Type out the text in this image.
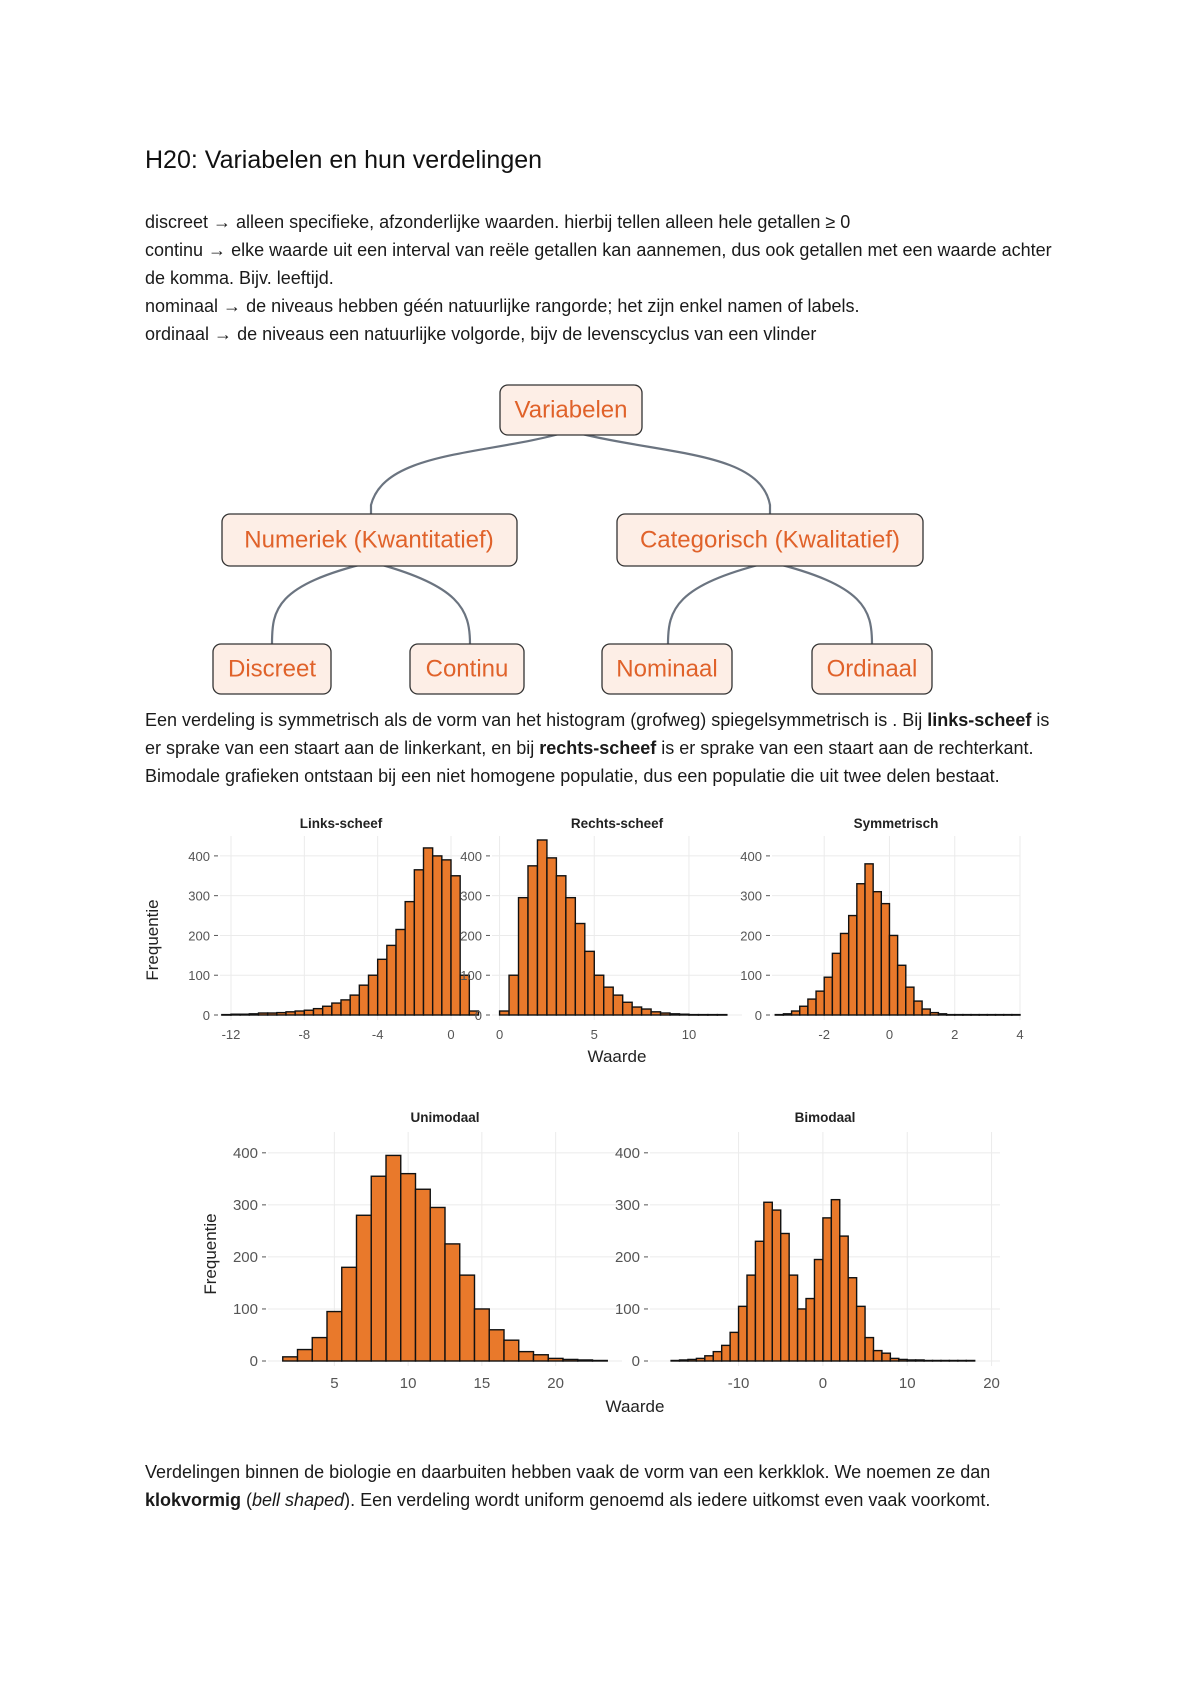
H20: Variabelen en hun verdelingen
discreet → alleen specifieke, afzonderlijke waarden. hierbij tellen alleen hele getallen ≥ 0
continu → elke waarde uit een interval van reële getallen kan aannemen, dus ook getallen met een waarde achter de komma. Bijv. leeftijd.
nominaal → de niveaus hebben géén natuurlijke rangorde; het zijn enkel namen of labels.
ordinaal → de niveaus een natuurlijke volgorde, bijv de levenscyclus van een vlinder
Variabelen
Numeriek (Kwantitatief)	Categorisch (Kwalitatief)
Discreet	Continu	Nominaal	Ordinaal
Een verdeling is symmetrisch als de vorm van het histogram (grofweg) spiegelsymmetrisch is . Bij links-scheef is er sprake van een staart aan de linkerkant, en bij rechts-scheef is er sprake van een staart aan de rechterkant. Bimodale grafieken ontstaan bij een niet homogene populatie, dus een populatie die uit twee delen bestaat.
0
100
200
300
400
-12	-8	-4	0
Links-scheef
Frequentie
0
100
200
300
400
0	5	10
Rechts-scheef
Waarde
0
100
200
300
400
-2	0	2	4
Symmetrisch
0
100
200
300
400
5	10	15	20
Unimodaal
Frequentie
Waarde
0
100
200
300
400
-10	0	10	20
Bimodaal
Verdelingen binnen de biologie en daarbuiten hebben vaak de vorm van een kerkklok. We noemen ze dan klokvormig (bell shaped). Een verdeling wordt uniform genoemd als iedere uitkomst even vaak voorkomt.
